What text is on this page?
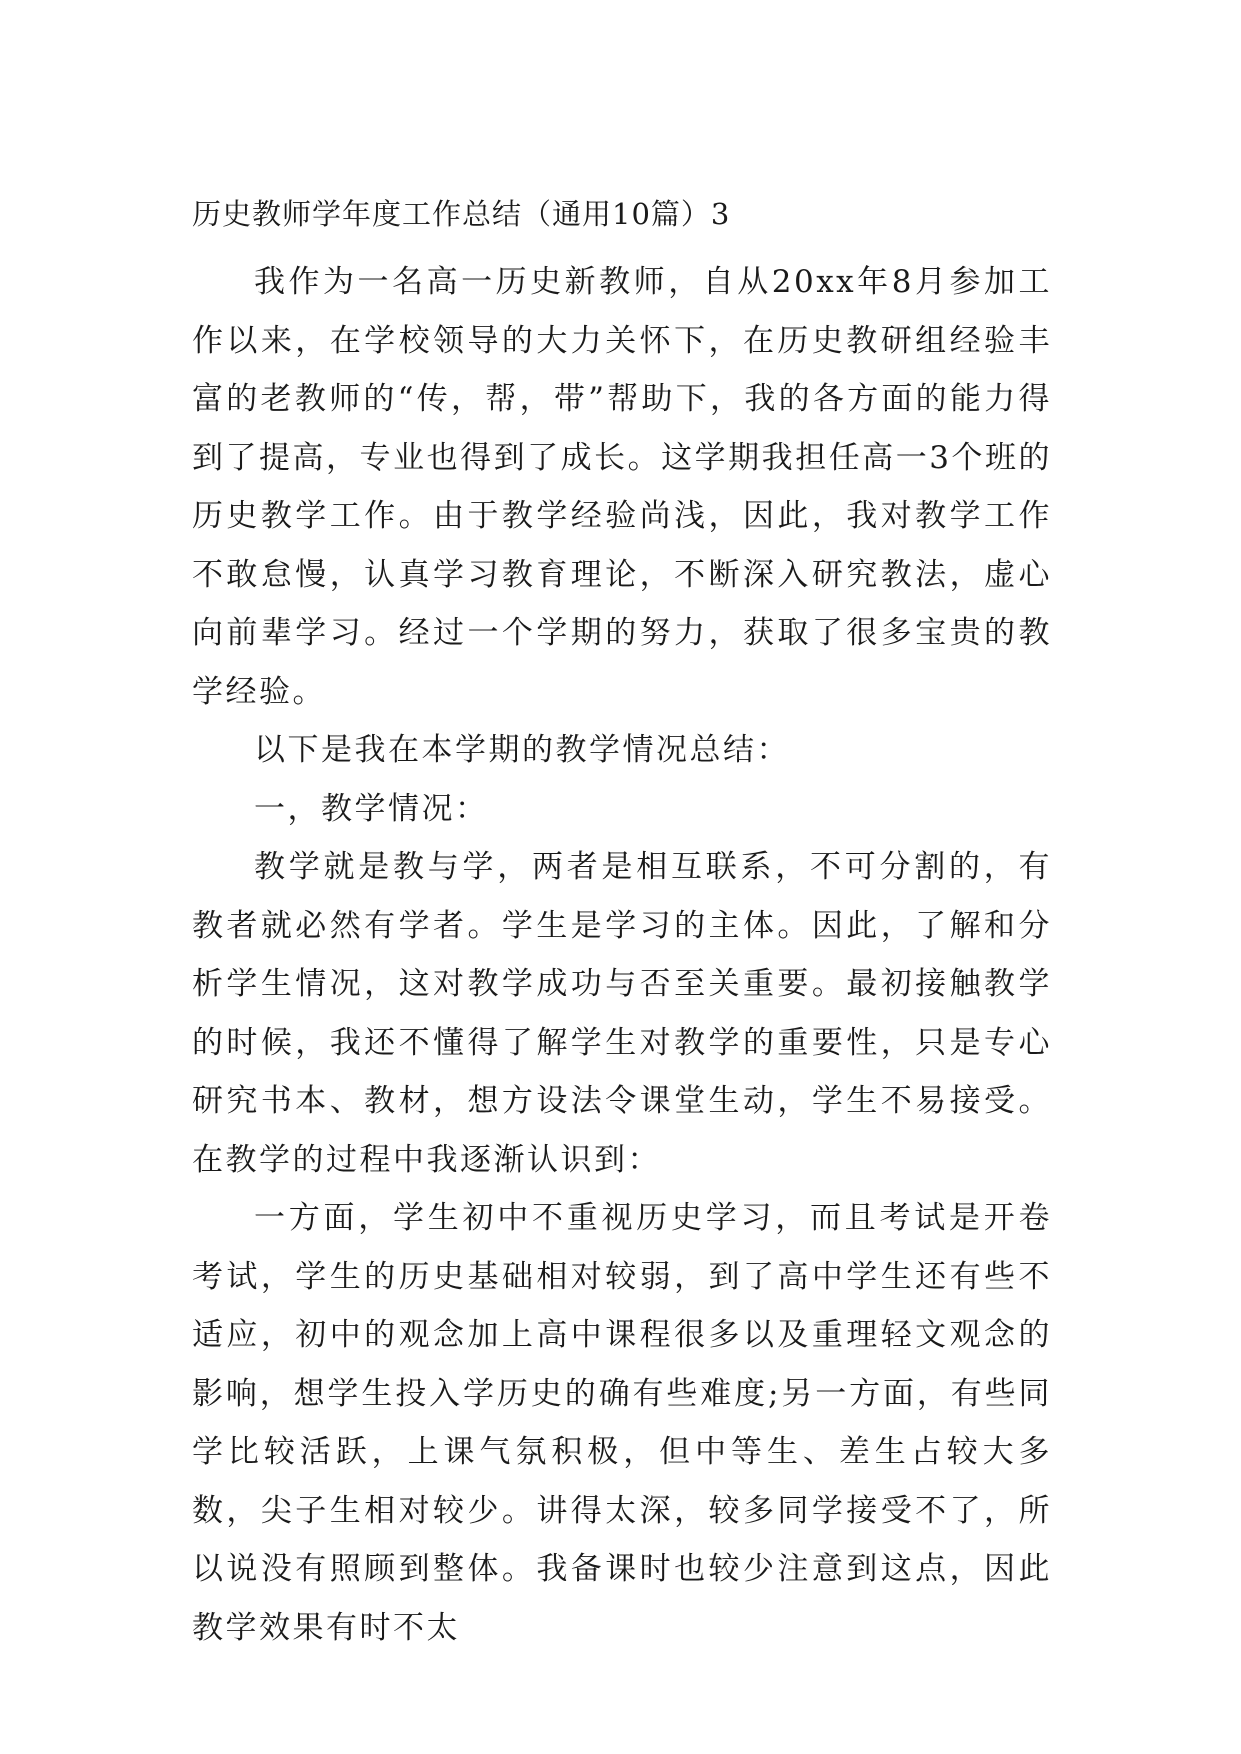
历史教师学年度工作总结（通用10篇）3

我作为一名高一历史新教师，自从20xx年8月参加工作以来，在学校领导的大力关怀下，在历史教研组经验丰富的老教师的“传，帮，带”帮助下，我的各方面的能力得到了提高，专业也得到了成长。这学期我担任高一3个班的历史教学工作。由于教学经验尚浅，因此，我对教学工作不敢怠慢，认真学习教育理论，不断深入研究教法，虚心向前辈学习。经过一个学期的努力，获取了很多宝贵的教学经验。

以下是我在本学期的教学情况总结：

一，教学情况：

教学就是教与学，两者是相互联系，不可分割的，有教者就必然有学者。学生是学习的主体。因此，了解和分析学生情况，这对教学成功与否至关重要。最初接触教学的时候，我还不懂得了解学生对教学的重要性，只是专心研究书本、教材，想方设法令课堂生动，学生不易接受。在教学的过程中我逐渐认识到：

一方面，学生初中不重视历史学习，而且考试是开卷考试，学生的历史基础相对较弱，到了高中学生还有些不适应，初中的观念加上高中课程很多以及重理轻文观念的影响，想学生投入学历史的确有些难度;另一方面，有些同学比较活跃，上课气氛积极，但中等生、差生占较大多数，尖子生相对较少。讲得太深，较多同学接受不了，所以说没有照顾到整体。我备课时也较少注意到这点，因此教学效果有时不太
